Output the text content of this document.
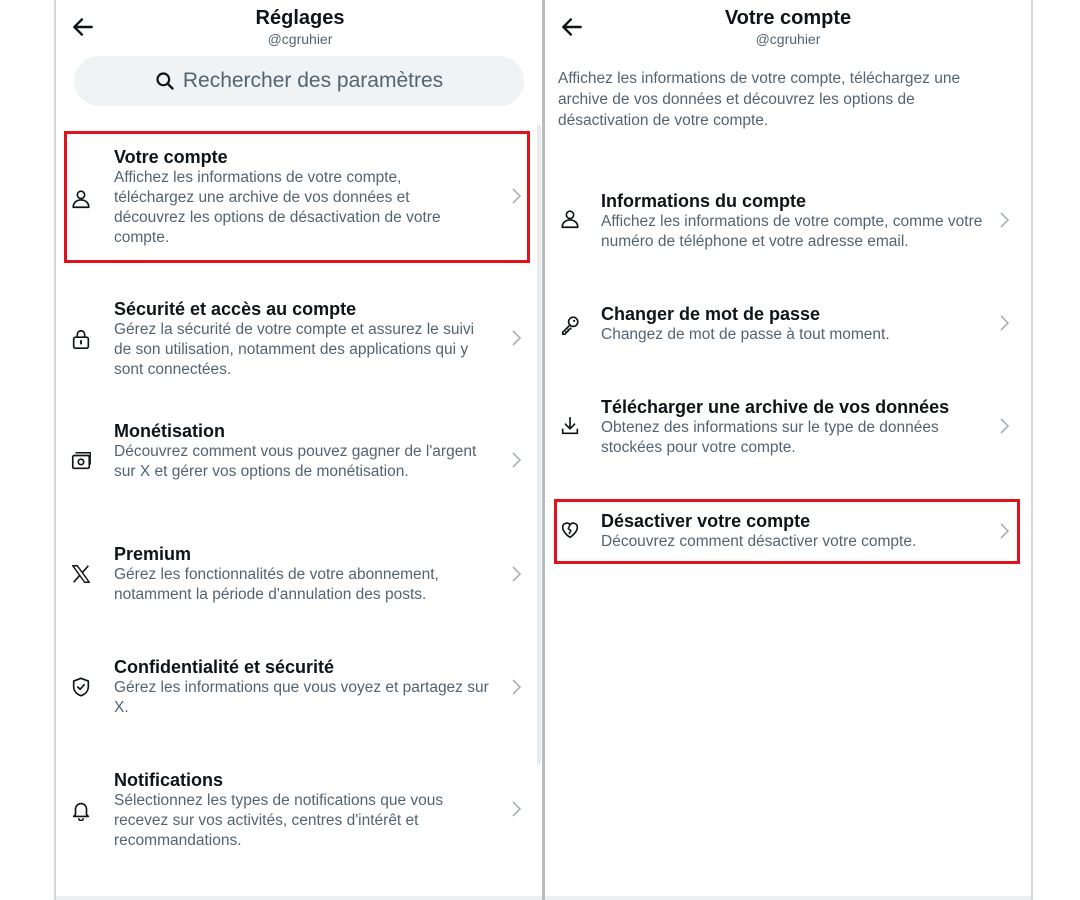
Réglages
@cgruhier
Rechercher des paramètres
Votre compte
Affichez les informations de votre compte, téléchargez une archive de vos données et découvrez les options de désactivation de votre compte.
Sécurité et accès au compte
Gérez la sécurité de votre compte et assurez le suivi de son utilisation, notamment des applications qui y sont connectées.
Monétisation
Découvrez comment vous pouvez gagner de l'argent sur X et gérer vos options de monétisation.
Premium
Gérez les fonctionnalités de votre abonnement, notamment la période d'annulation des posts.
Confidentialité et sécurité
Gérez les informations que vous voyez et partagez sur X.
Notifications
Sélectionnez les types de notifications que vous recevez sur vos activités, centres d'intérêt et recommandations.
Votre compte
@cgruhier
Affichez les informations de votre compte, téléchargez une archive de vos données et découvrez les options de désactivation de votre compte.
Informations du compte
Affichez les informations de votre compte, comme votre numéro de téléphone et votre adresse email.
Changer de mot de passe
Changez de mot de passe à tout moment.
Télécharger une archive de vos données
Obtenez des informations sur le type de données stockées pour votre compte.
Désactiver votre compte
Découvrez comment désactiver votre compte.
